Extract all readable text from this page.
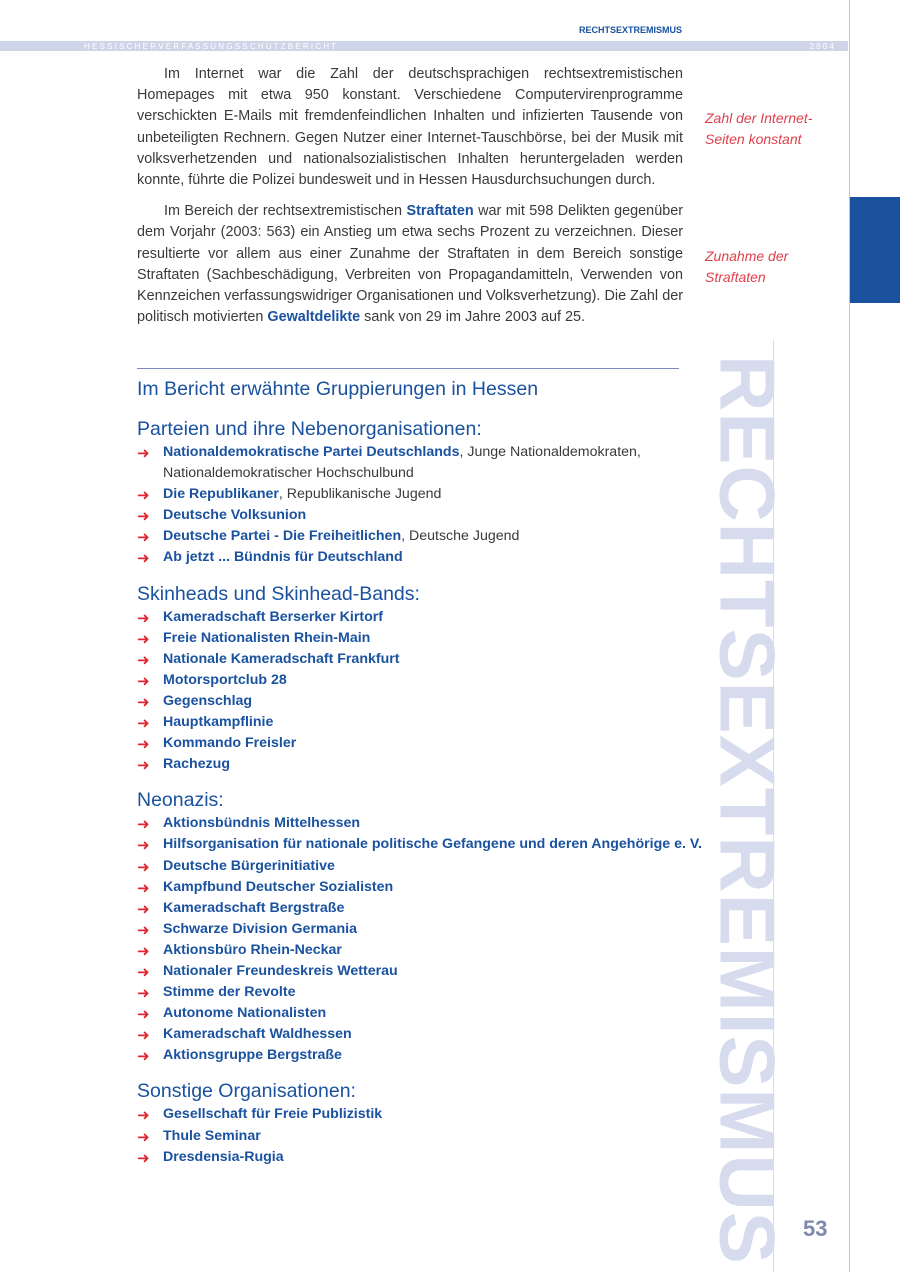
RECHTSEXTREMISMUS
H E S S I S C H E R V E R F A S S U N G S S C H U T Z B E R I C H T	2 0 0 4
RECHTSEXTREMISMUS

Im Internet war die Zahl der deutschsprachigen rechtsextremistischen Homepages mit etwa 950 konstant. Verschiedene Computervirenprogramme verschickten E-Mails mit fremdenfeindlichen Inhalten und infizierten Tausende von unbeteiligten Rechnern. Gegen Nutzer einer Internet-Tauschbörse, bei der Musik mit volksverhetzenden und nationalsozialistischen Inhalten heruntergeladen werden konnte, führte die Polizei bundesweit und in Hessen Hausdurchsuchungen durch.

Im Bereich der rechtsextremistischen Straftaten war mit 598 Delikten gegenüber dem Vorjahr (2003: 563) ein Anstieg um etwa sechs Prozent zu verzeichnen. Dieser resultierte vor allem aus einer Zunahme der Straftaten in dem Bereich sonstige Straftaten (Sachbeschädigung, Verbreiten von Propagandamitteln, Verwenden von Kennzeichen verfassungswidriger Organisationen und Volksverhetzung). Die Zahl der politisch motivierten Gewaltdelikte sank von 29 im Jahre 2003 auf 25.

Zahl der Internet-Seiten konstant
Zunahme der Straftaten
Im Bericht erwähnte Gruppierungen in Hessen
Parteien und ihre Nebenorganisationen:
➜ Nationaldemokratische Partei Deutschlands, Junge Nationaldemokraten, Nationaldemokratischer Hochschulbund
➜ Die Republikaner, Republikanische Jugend
➜ Deutsche Volksunion
➜ Deutsche Partei - Die Freiheitlichen, Deutsche Jugend
➜ Ab jetzt ... Bündnis für Deutschland
Skinheads und Skinhead-Bands:
➜ Kameradschaft Berserker Kirtorf
➜ Freie Nationalisten Rhein-Main
➜ Nationale Kameradschaft Frankfurt
➜ Motorsportclub 28
➜ Gegenschlag
➜ Hauptkampflinie
➜ Kommando Freisler
➜ Rachezug
Neonazis:
➜ Aktionsbündnis Mittelhessen
➜ Hilfsorganisation für nationale politische Gefangene und deren Angehörige e. V.
➜ Deutsche Bürgerinitiative
➜ Kampfbund Deutscher Sozialisten
➜ Kameradschaft Bergstraße
➜ Schwarze Division Germania
➜ Aktionsbüro Rhein-Neckar
➜ Nationaler Freundeskreis Wetterau
➜ Stimme der Revolte
➜ Autonome Nationalisten
➜ Kameradschaft Waldhessen
➜ Aktionsgruppe Bergstraße
Sonstige Organisationen:
➜ Gesellschaft für Freie Publizistik
➜ Thule Seminar
➜ Dresdensia-Rugia
53
